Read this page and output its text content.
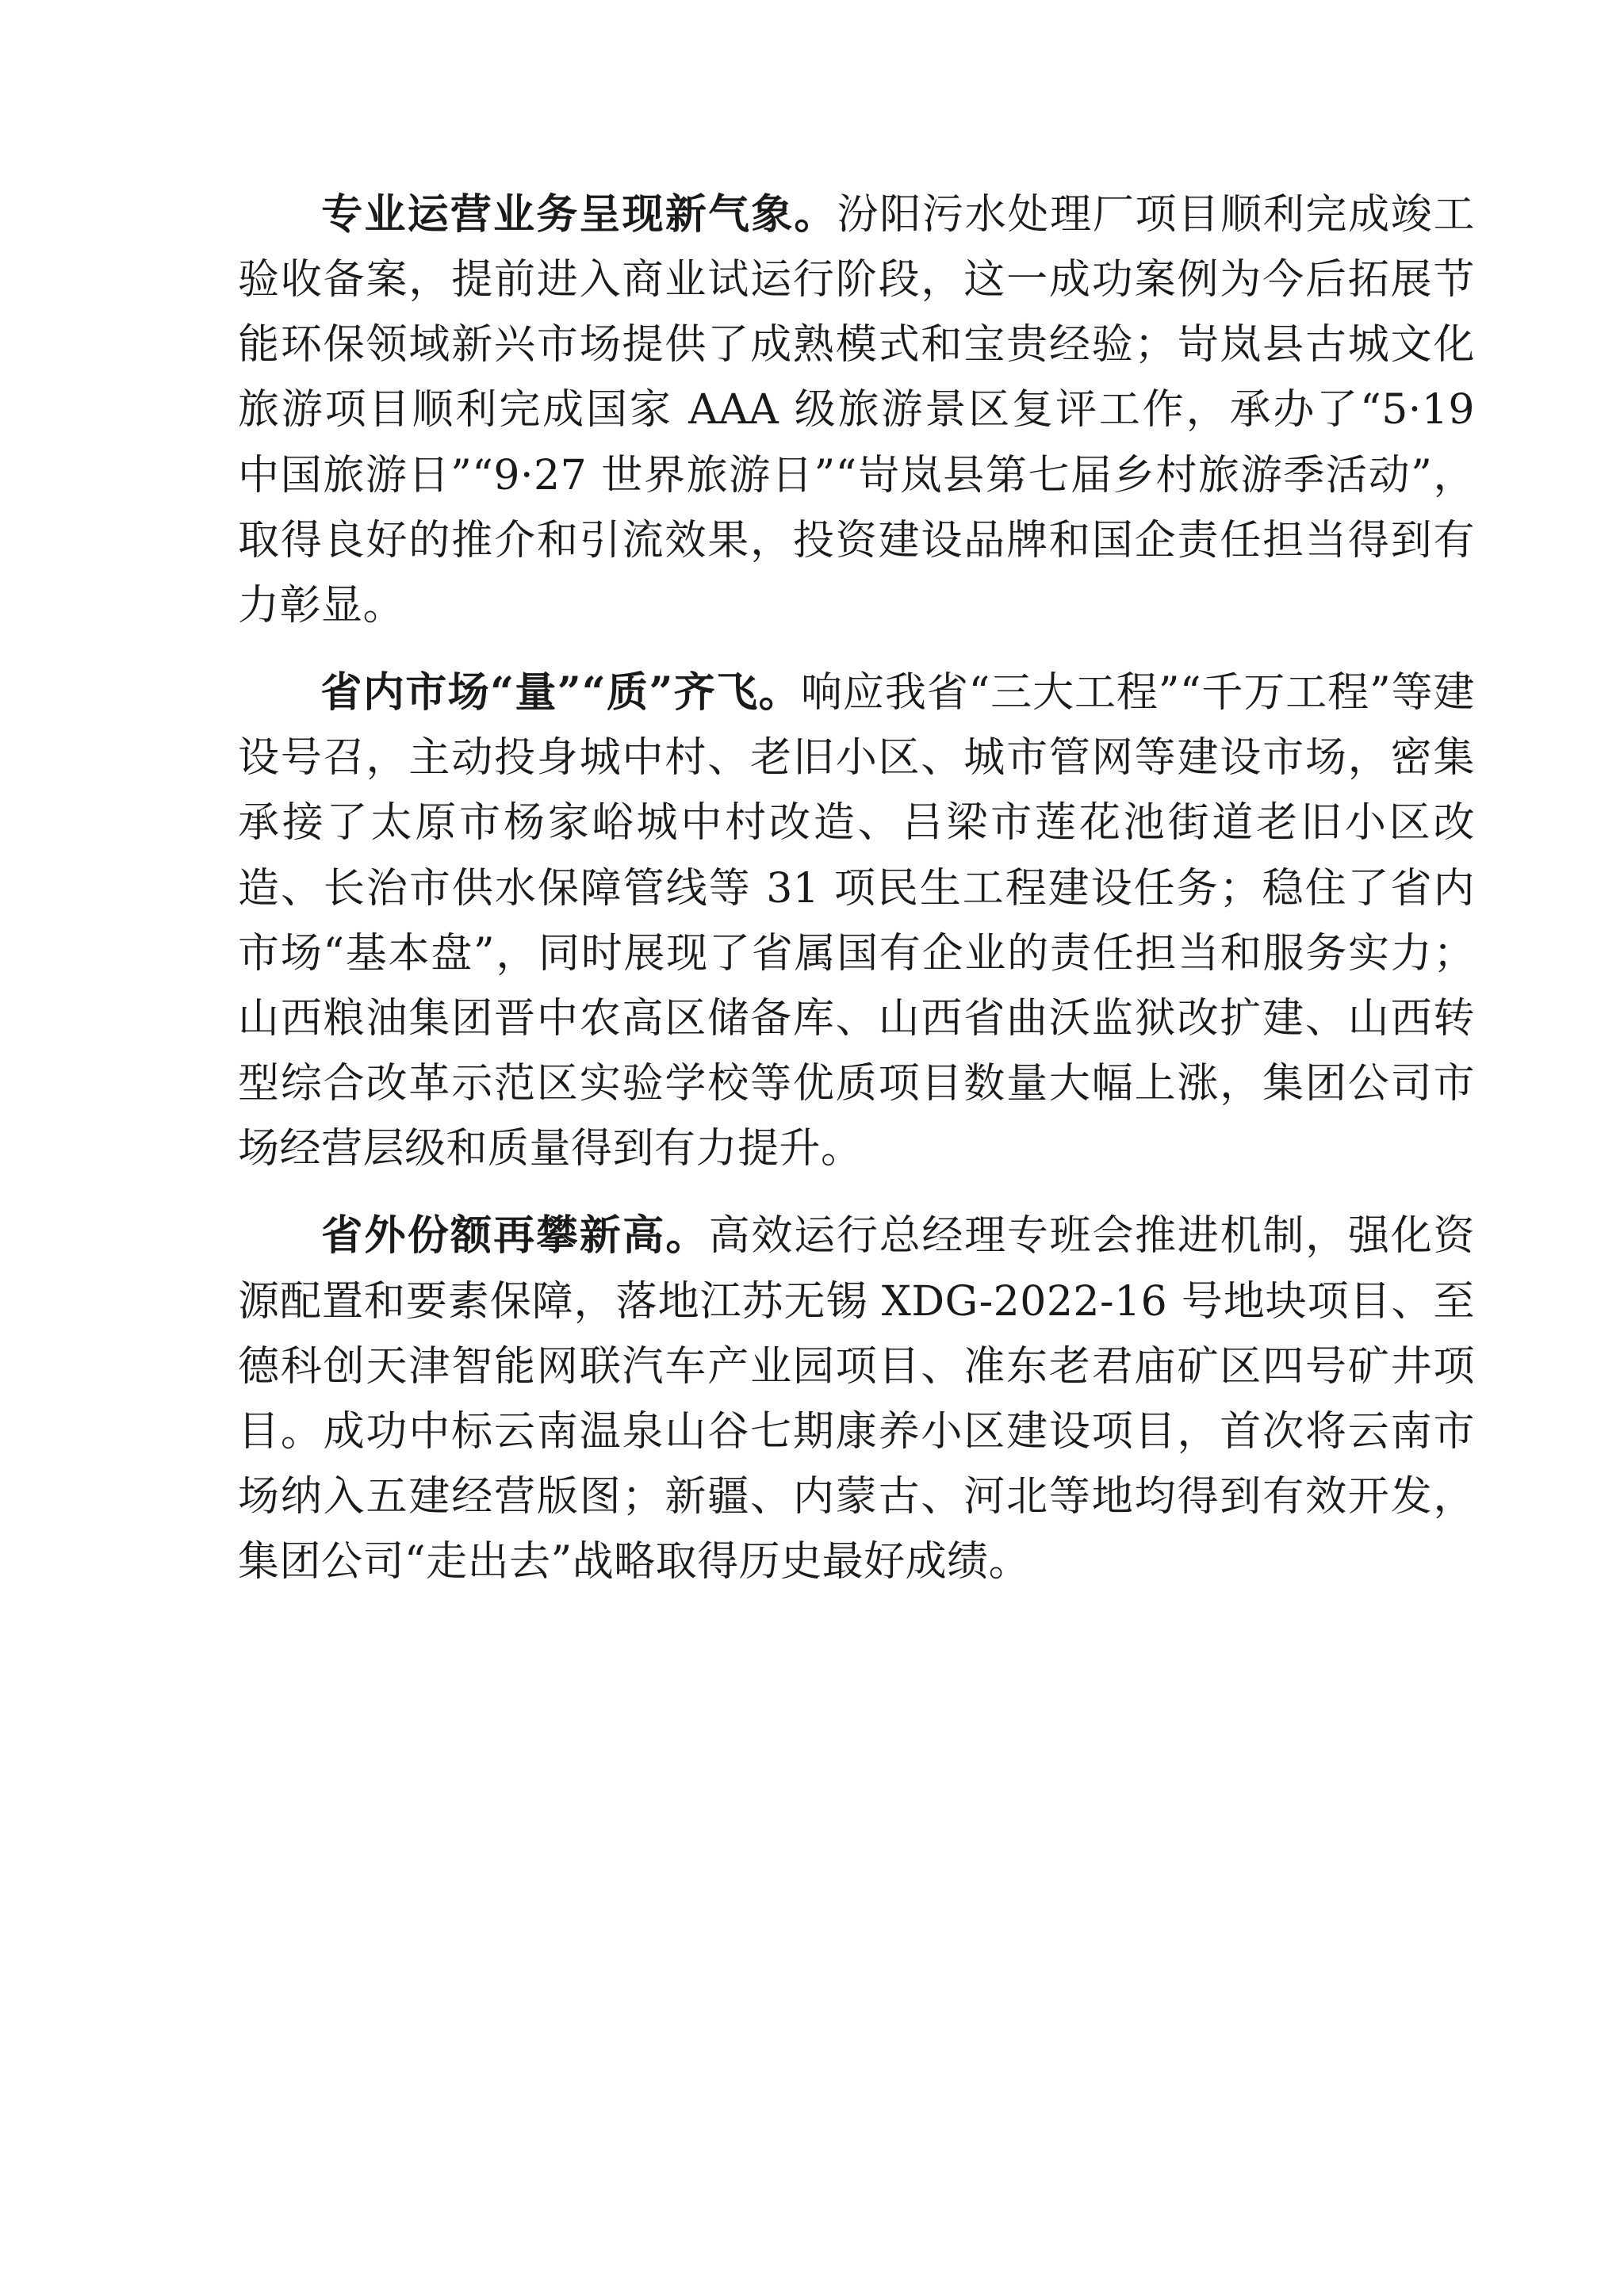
专业运营业务呈现新气象。汾阳污水处理厂项目顺利完成竣工验收备案，提前进入商业试运行阶段，这一成功案例为今后拓展节能环保领域新兴市场提供了成熟模式和宝贵经验；岢岚县古城文化旅游项目顺利完成国家 AAA 级旅游景区复评工作，承办了“5·19 中国旅游日”“9·27 世界旅游日”“岢岚县第七届乡村旅游季活动”，取得良好的推介和引流效果，投资建设品牌和国企责任担当得到有力彰显。

省内市场“量”“质”齐飞。响应我省“三大工程”“千万工程”等建设号召，主动投身城中村、老旧小区、城市管网等建设市场，密集承接了太原市杨家峪城中村改造、吕梁市莲花池街道老旧小区改造、长治市供水保障管线等 31 项民生工程建设任务；稳住了省内市场“基本盘”，同时展现了省属国有企业的责任担当和服务实力；山西粮油集团晋中农高区储备库、山西省曲沃监狱改扩建、山西转型综合改革示范区实验学校等优质项目数量大幅上涨，集团公司市场经营层级和质量得到有力提升。

省外份额再攀新高。高效运行总经理专班会推进机制，强化资源配置和要素保障，落地江苏无锡 XDG-2022-16 号地块项目、至德科创天津智能网联汽车产业园项目、准东老君庙矿区四号矿井项目。成功中标云南温泉山谷七期康养小区建设项目，首次将云南市场纳入五建经营版图；新疆、内蒙古、河北等地均得到有效开发，集团公司“走出去”战略取得历史最好成绩。
